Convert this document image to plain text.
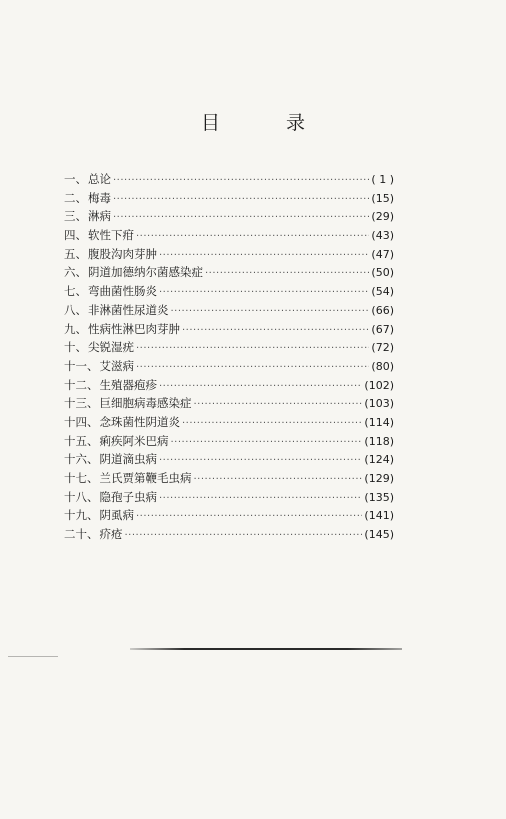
目 录
一、 总论 ·····	( 1 )
二、 梅毒 ·····	(15)
三、 淋病 ·····	(29)
四、 软性下疳 ·····	(43)
五、 腹股沟肉芽肿 ·····	(47)
六、 阴道加德纳尔菌感染症 ·····	(50)
七、 弯曲菌性肠炎 ·····	(54)
八、 非淋菌性尿道炎 ·····	(66)
九、 性病性淋巴肉芽肿 ·····	(67)
十、 尖锐湿疣 ·····	(72)
十一、 艾滋病 ·····	(80)
十二、 生殖器疱疹 ·····	(102)
十三、 巨细胞病毒感染症 ·····	(103)
十四、 念珠菌性阴道炎 ·····	(114)
十五、 痢疾阿米巴病 ·····	(118)
十六、 阴道滴虫病 ·····	(124)
十七、 兰氏贾第鞭毛虫病 ·····	(129)
十八、 隐孢子虫病 ·····	(135)
十九、 阴虱病 ·····	(141)
二十、 疥疮 ·····	(145)
